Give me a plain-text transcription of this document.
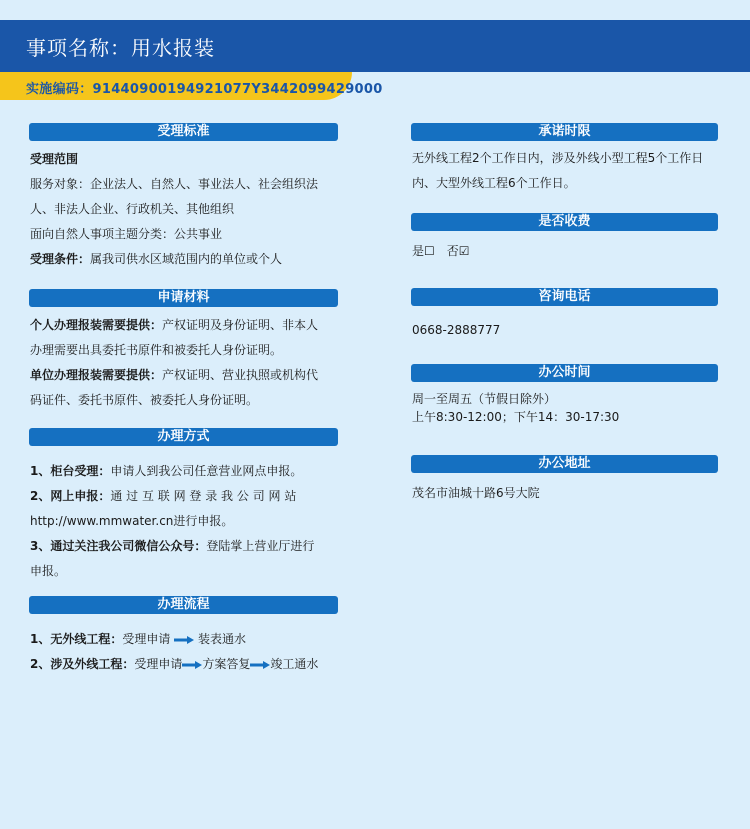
事项名称：用水报装
实施编码：91440900194921077Y3442099429000
受理标准
受理范围
服务对象：企业法人、自然人、事业法人、社会组织法
人、非法人企业、行政机关、其他组织
面向自然人事项主题分类：公共事业
受理条件：属我司供水区域范围内的单位或个人
申请材料
个人办理报装需要提供：产权证明及身份证明、非本人
办理需要出具委托书原件和被委托人身份证明。
单位办理报装需要提供：产权证明、营业执照或机构代
码证件、委托书原件、被委托人身份证明。
办理方式
1、柜台受理：申请人到我公司任意营业网点申报。
2、网上申报：通 过 互 联 网 登 录 我 公 司 网 站
http://www.mmwater.cn进行申报。
3、通过关注我公司微信公众号：登陆掌上营业厅进行
申报。
办理流程
1、无外线工程：受理申请 装表通水
2、涉及外线工程：受理申请 方案答复 竣工通水
承诺时限
无外线工程2个工作日内，涉及外线小型工程5个工作日
内、大型外线工程6个工作日。
是否收费
是☐　否☑
咨询电话
0668-2888777
办公时间
周一至周五（节假日除外）
上午8:30-12:00；下午14：30-17:30
办公地址
茂名市油城十路6号大院
